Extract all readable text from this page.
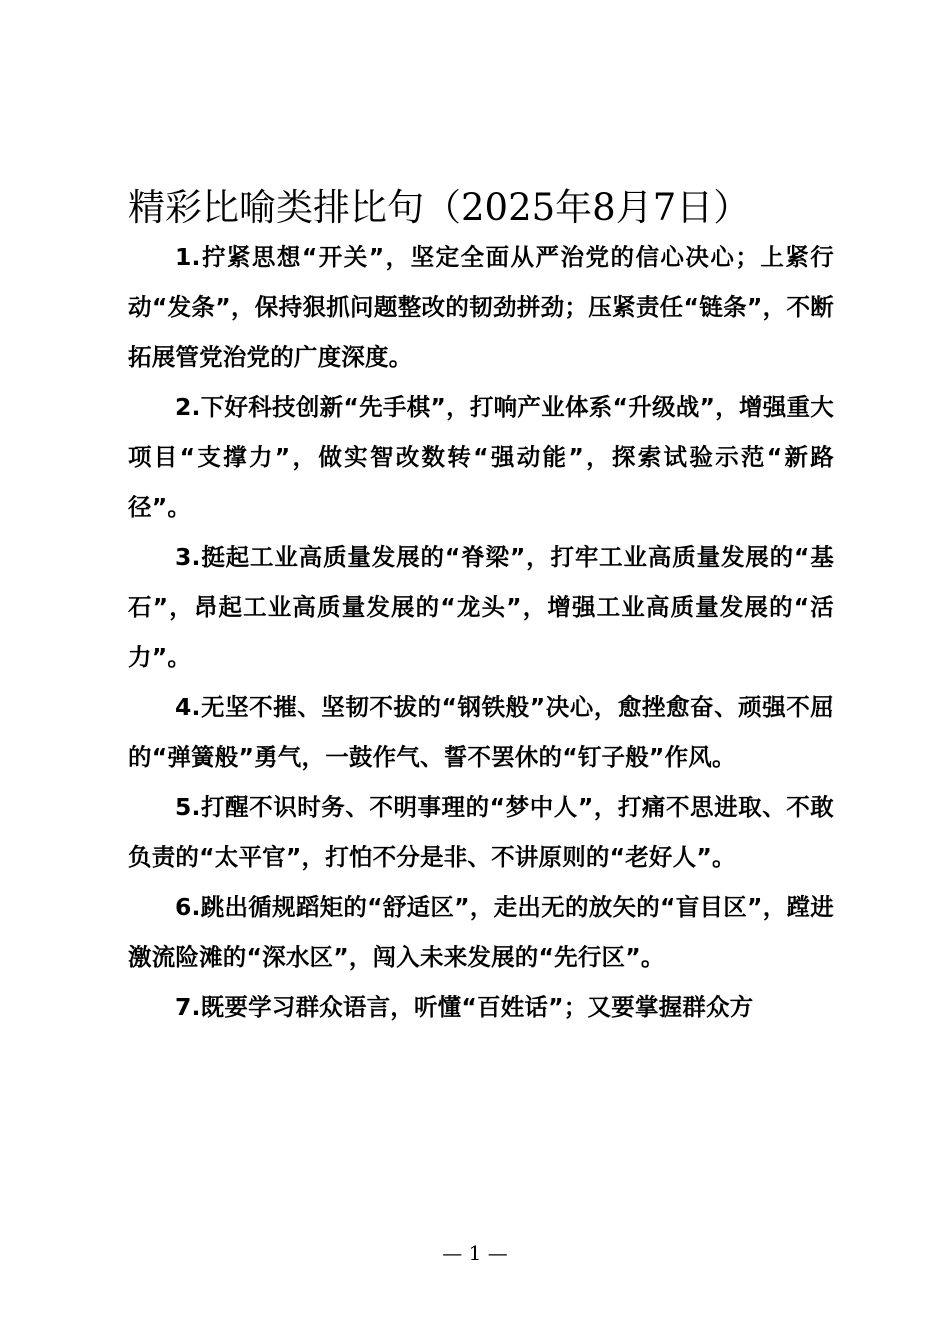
精彩比喻类排比句（2025年8月7日）

1.拧紧思想“开关”，坚定全面从严治党的信心决心；上紧行动“发条”，保持狠抓问题整改的韧劲拼劲；压紧责任“链条”，不断拓展管党治党的广度深度。

2.下好科技创新“先手棋”，打响产业体系“升级战”，增强重大项目“支撑力”，做实智改数转“强动能”，探索试验示范“新路径”。

3.挺起工业高质量发展的“脊梁”，打牢工业高质量发展的“基石”，昂起工业高质量发展的“龙头”，增强工业高质量发展的“活力”。

4.无坚不摧、坚韧不拔的“钢铁般”决心，愈挫愈奋、顽强不屈的“弹簧般”勇气，一鼓作气、誓不罢休的“钉子般”作风。

5.打醒不识时务、不明事理的“梦中人”，打痛不思进取、不敢负责的“太平官”，打怕不分是非、不讲原则的“老好人”。

6.跳出循规蹈矩的“舒适区”，走出无的放矢的“盲目区”，蹚进激流险滩的“深水区”，闯入未来发展的“先行区”。

7.既要学习群众语言，听懂“百姓话”；又要掌握群众方

— 1 —
